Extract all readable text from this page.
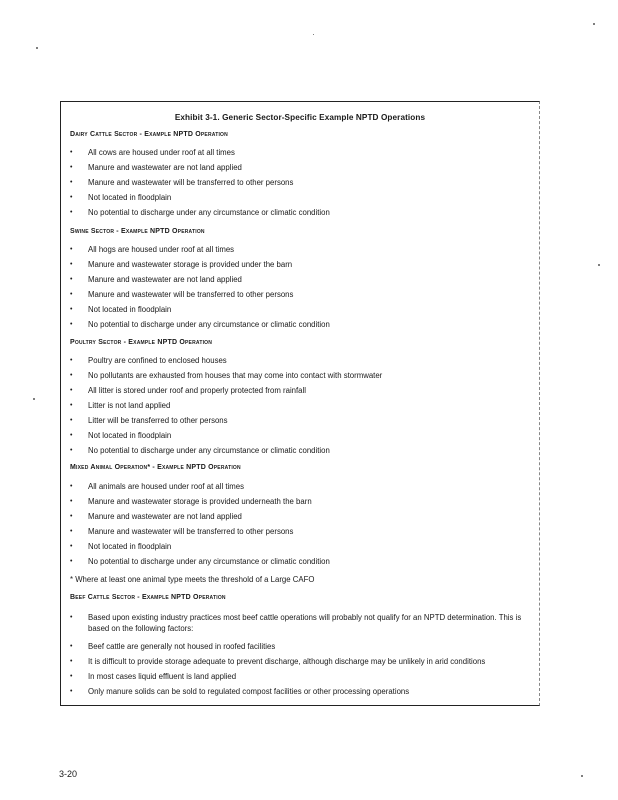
Exhibit 3-1. Generic Sector-Specific Example NPTD Operations
Dairy Cattle Sector - Example NPTD Operation
•	All cows are housed under roof at all times
•	Manure and wastewater are not land applied
•	Manure and wastewater will be transferred to other persons
•	Not located in floodplain
•	No potential to discharge under any circumstance or climatic condition
Swine Sector - Example NPTD Operation
•	All hogs are housed under roof at all times
•	Manure and wastewater storage is provided under the barn
•	Manure and wastewater are not land applied
•	Manure and wastewater will be transferred to other persons
•	Not located in floodplain
•	No potential to discharge under any circumstance or climatic condition
Poultry Sector - Example NPTD Operation
•	Poultry are confined to enclosed houses
•	No pollutants are exhausted from houses that may come into contact with stormwater
•	All litter is stored under roof and properly protected from rainfall
•	Litter is not land applied
•	Litter will be transferred to other persons
•	Not located in floodplain
•	No potential to discharge under any circumstance or climatic condition
Mixed Animal Operation* - Example NPTD Operation
•	All animals are housed under roof at all times
•	Manure and wastewater storage is provided underneath the barn
•	Manure and wastewater are not land applied
•	Manure and wastewater will be transferred to other persons
•	Not located in floodplain
•	No potential to discharge under any circumstance or climatic condition
* Where at least one animal type meets the threshold of a Large CAFO
Beef Cattle Sector - Example NPTD Operation
•	Based upon existing industry practices most beef cattle operations will probably not qualify for an NPTD determination. This is based on the following factors:
•	Beef cattle are generally not housed in roofed facilities
•	It is difficult to provide storage adequate to prevent discharge, although discharge may be unlikely in arid conditions
•	In most cases liquid effluent is land applied
•	Only manure solids can be sold to regulated compost facilities or other processing operations
3-20
